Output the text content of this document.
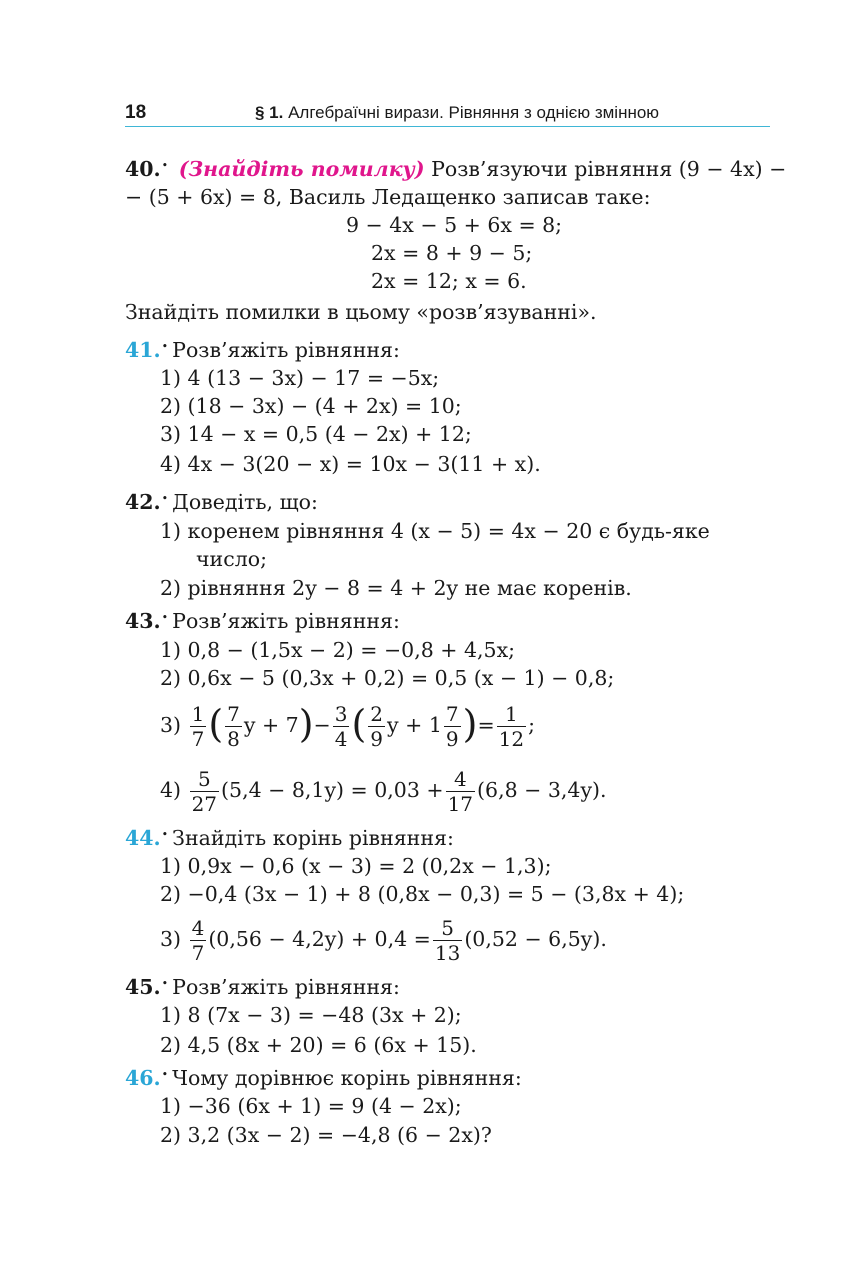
18	§ 1. Алгебраїчні вирази. Рівняння з однією змінною
40.• (Знайдіть помилку) Розв’язуючи рівняння (9 − 4x) −
− (5 + 6x) = 8, Василь Ледащенко записав таке:
9 − 4x − 5 + 6x = 8;
2x = 8 + 9 − 5;
2x = 12; x = 6.
Знайдіть помилки в цьому «розв’язуванні».
41.• Розв’яжіть рівняння:
1) 4 (13 − 3x) − 17 = −5x;
2) (18 − 3x) − (4 + 2x) = 10;
3) 14 − x = 0,5 (4 − 2x) + 12;
4) 4x − 3(20 − x) = 10x − 3(11 + x).
42.• Доведіть, що:
1) коренем рівняння 4 (x − 5) = 4x − 20 є будь-яке
число;
2) рівняння 2y − 8 = 4 + 2y не має коренів.
43.• Розв’яжіть рівняння:
1) 0,8 − (1,5x − 2) = −0,8 + 4,5x;
2) 0,6x − 5 (0,3x + 0,2) = 0,5 (x − 1) − 0,8;
$3) \frac{1}{7}$ ( $\frac{7}{8}$ $y + 7)- \frac{3}{4}$ ( $\frac{2}{9}$ $y + 1 \frac{7}{9}$ )= $\frac{1}{12}$ ;
$4) \frac{5}{27} (5,4 - 8,1y) = 0,03 + \frac{4}{17} (6,8 - 3,4y)$.
44.• Знайдіть корінь рівняння:
1) 0,9x − 0,6 (x − 3) = 2 (0,2x − 1,3);
2) −0,4 (3x − 1) + 8 (0,8x − 0,3) = 5 − (3,8x + 4);
$3) \frac{4}{7} (0,56 - 4,2y) + 0,4 = \frac{5}{13} (0,52 - 6,5y)$.
45.• Розв’яжіть рівняння:
1) 8 (7x − 3) = −48 (3x + 2);
2) 4,5 (8x + 20) = 6 (6x + 15).
46.• Чому дорівнює корінь рівняння:
1) −36 (6x + 1) = 9 (4 − 2x);
2) 3,2 (3x − 2) = −4,8 (6 − 2x)?
